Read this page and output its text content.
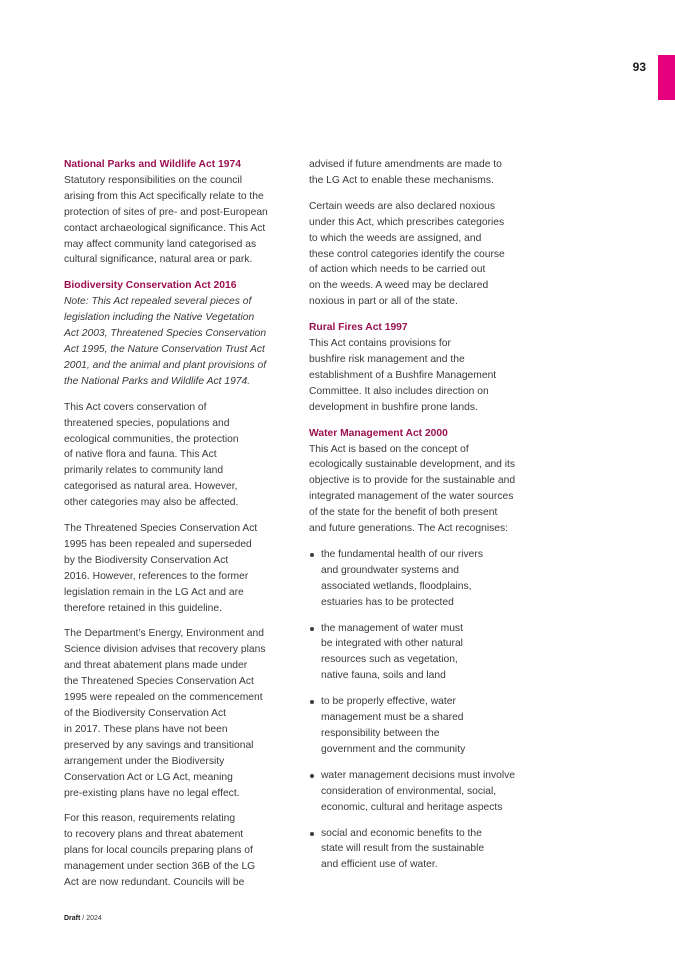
93
National Parks and Wildlife Act 1974

Statutory responsibilities on the council
arising from this Act specifically relate to the
protection of sites of pre- and post-European
contact archaeological significance. This Act
may affect community land categorised as
cultural significance, natural area or park.

Biodiversity Conservation Act 2016

Note: This Act repealed several pieces of
legislation including the Native Vegetation
Act 2003, Threatened Species Conservation
Act 1995, the Nature Conservation Trust Act
2001, and the animal and plant provisions of
the National Parks and Wildlife Act 1974.

This Act covers conservation of
threatened species, populations and
ecological communities, the protection
of native flora and fauna. This Act
primarily relates to community land
categorised as natural area. However,
other categories may also be affected.

The Threatened Species Conservation Act
1995 has been repealed and superseded
by the Biodiversity Conservation Act
2016. However, references to the former
legislation remain in the LG Act and are
therefore retained in this guideline.

The Department’s Energy, Environment and
Science division advises that recovery plans
and threat abatement plans made under
the Threatened Species Conservation Act
1995 were repealed on the commencement
of the Biodiversity Conservation Act
in 2017. These plans have not been
preserved by any savings and transitional
arrangement under the Biodiversity
Conservation Act or LG Act, meaning
pre-existing plans have no legal effect.

For this reason, requirements relating
to recovery plans and threat abatement
plans for local councils preparing plans of
management under section 36B of the LG
Act are now redundant. Councils will be

advised if future amendments are made to
the LG Act to enable these mechanisms.

Certain weeds are also declared noxious
under this Act, which prescribes categories
to which the weeds are assigned, and
these control categories identify the course
of action which needs to be carried out
on the weeds. A weed may be declared
noxious in part or all of the state.

Rural Fires Act 1997

This Act contains provisions for
bushfire risk management and the
establishment of a Bushfire Management
Committee. It also includes direction on
development in bushfire prone lands.

Water Management Act 2000

This Act is based on the concept of
ecologically sustainable development, and its
objective is to provide for the sustainable and
integrated management of the water sources
of the state for the benefit of both present
and future generations. The Act recognises:

the fundamental health of our rivers
and groundwater systems and
associated wetlands, floodplains,
estuaries has to be protected
the management of water must
be integrated with other natural
resources such as vegetation,
native fauna, soils and land
to be properly effective, water
management must be a shared
responsibility between the
government and the community
water management decisions must involve
consideration of environmental, social,
economic, cultural and heritage aspects
social and economic benefits to the
state will result from the sustainable
and efficient use of water.
Draft / 2024
